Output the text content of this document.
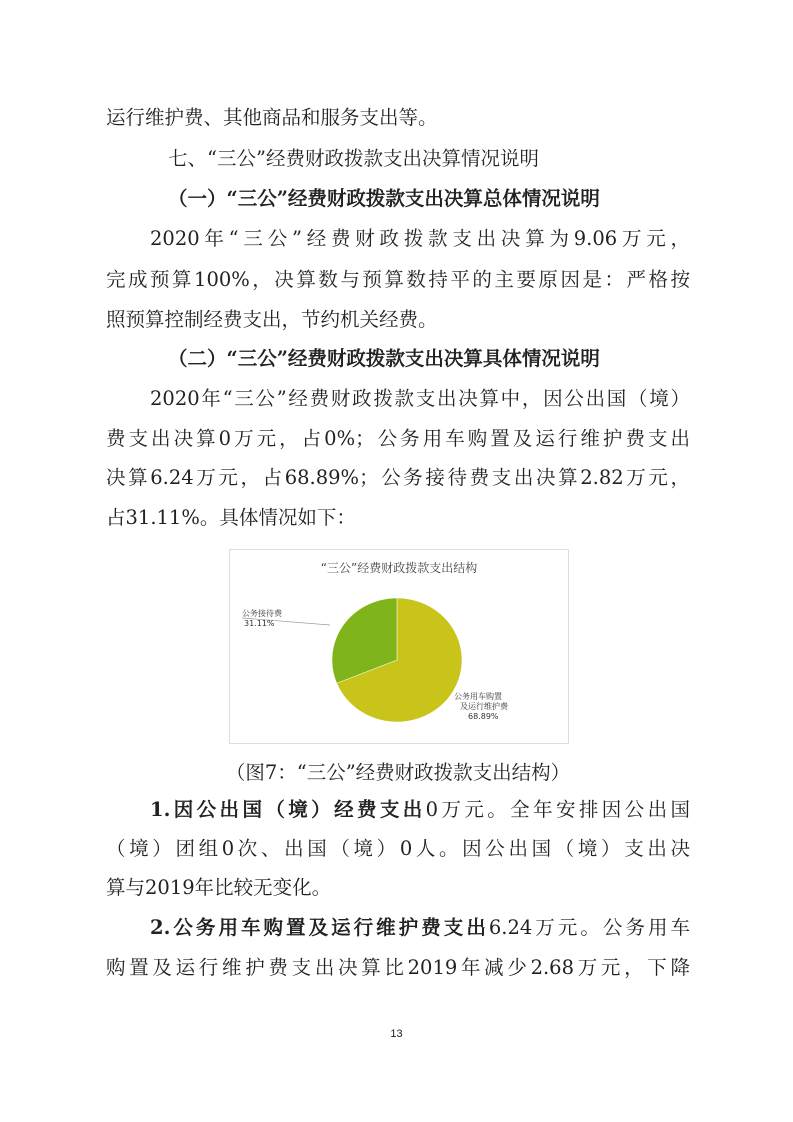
运行维护费、其他商品和服务支出等。
七、“三公”经费财政拨款支出决算情况说明
（一）“三公”经费财政拨款支出决算总体情况说明
2020年“三公”经费财政拨款支出决算为9.06万元，
完成预算100%，决算数与预算数持平的主要原因是：严格按
照预算控制经费支出，节约机关经费。
（二）“三公”经费财政拨款支出决算具体情况说明
2020年“三公”经费财政拨款支出决算中，因公出国（境）
费支出决算0万元，占0%；公务用车购置及运行维护费支出
决算6.24万元，占68.89%；公务接待费支出决算2.82万元，
占31.11%。具体情况如下：
“三公”经费财政拨款支出结构
公务接待费
31.11%
公务用车购置及运行维护费
68.89%
（图7：“三公”经费财政拨款支出结构）
1.因公出国（境）经费支出0万元。全年安排因公出国
（境）团组0次、出国（境）0人。因公出国（境）支出决
算与2019年比较无变化。
2.公务用车购置及运行维护费支出6.24万元。公务用车
购置及运行维护费支出决算比2019年减少2.68万元，下降
13
